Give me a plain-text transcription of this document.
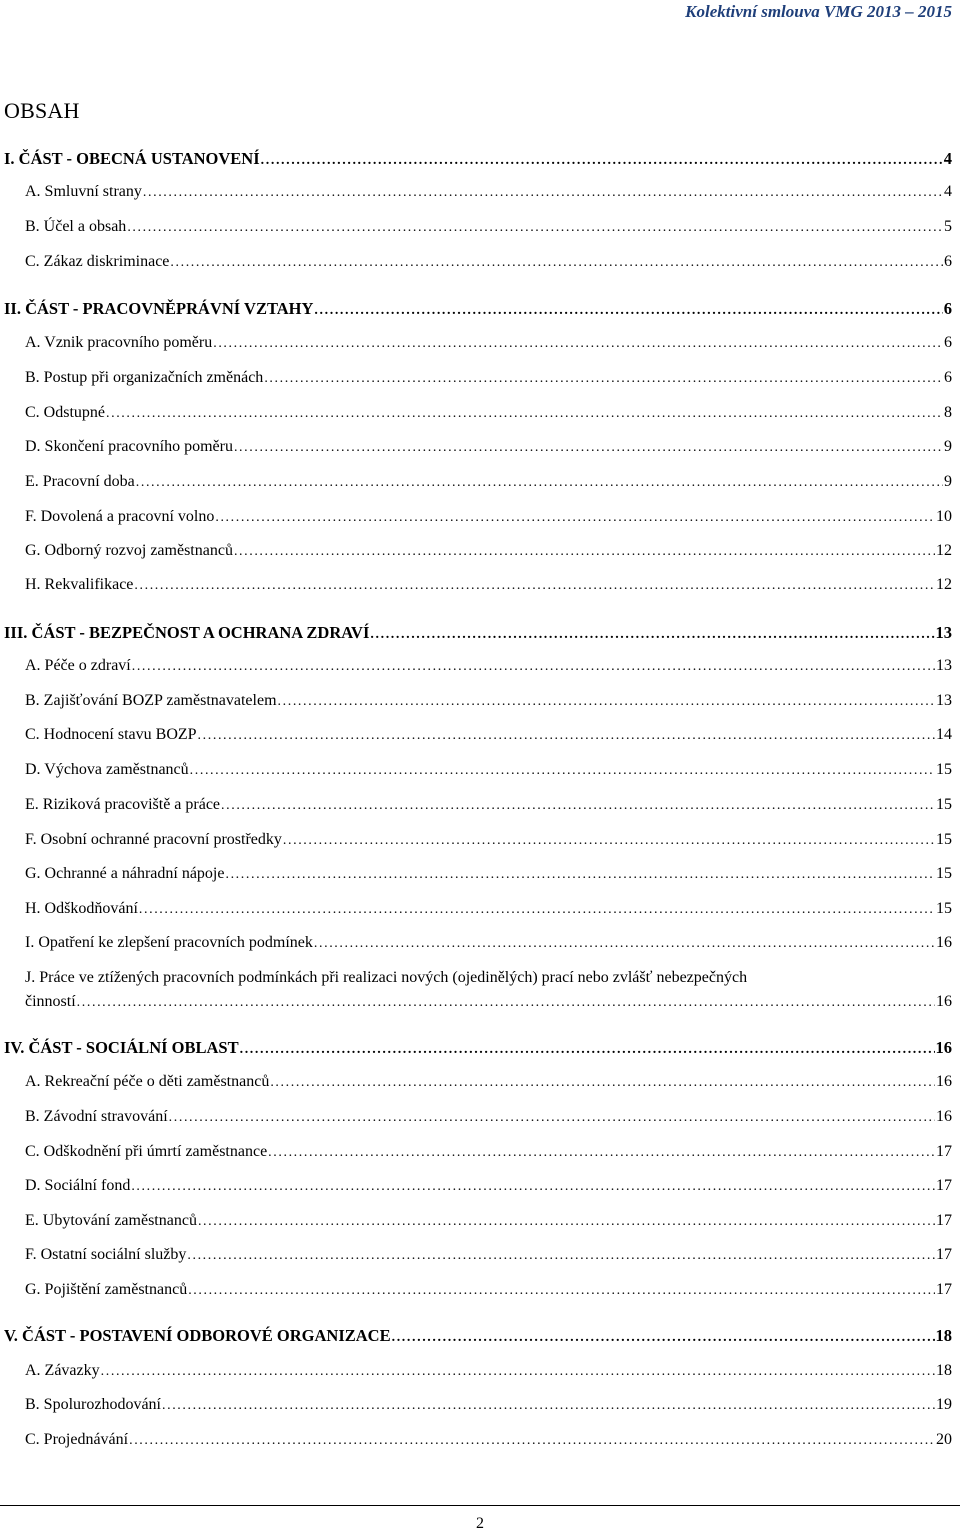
Kolektivní smlouva VMG 2013 – 2015
OBSAH
I. ČÁST - OBECNÁ USTANOVENÍ .....	4
A. Smluvní strany .....	4
B. Účel a obsah .....	5
C. Zákaz diskriminace .....	6
II. ČÁST - PRACOVNĚPRÁVNÍ VZTAHY .....	6
A. Vznik pracovního poměru .....	6
B. Postup při organizačních změnách .....	6
C. Odstupné .....	8
D. Skončení pracovního poměru .....	9
E. Pracovní doba .....	9
F. Dovolená a pracovní volno .....	10
G. Odborný rozvoj zaměstnanců .....	12
H. Rekvalifikace .....	12
III. ČÁST - BEZPEČNOST A OCHRANA ZDRAVÍ .....	13
A. Péče o zdraví .....	13
B. Zajišťování BOZP zaměstnavatelem .....	13
C. Hodnocení stavu BOZP .....	14
D. Výchova zaměstnanců .....	15
E. Riziková pracoviště a práce .....	15
F. Osobní ochranné pracovní prostředky .....	15
G. Ochranné a náhradní nápoje .....	15
H. Odškodňování .....	15
I. Opatření ke zlepšení pracovních podmínek .....	16
J. Práce ve ztížených pracovních podmínkách při realizaci nových (ojedinělých) prací nebo zvlášť nebezpečných
činností .....	16
IV. ČÁST - SOCIÁLNÍ OBLAST .....	16
A. Rekreační péče o děti zaměstnanců .....	16
B. Závodní stravování .....	16
C. Odškodnění při úmrtí zaměstnance .....	17
D. Sociální fond .....	17
E. Ubytování zaměstnanců .....	17
F. Ostatní sociální služby .....	17
G. Pojištění zaměstnanců .....	17
V. ČÁST - POSTAVENÍ ODBOROVÉ ORGANIZACE .....	18
A. Závazky .....	18
B. Spolurozhodování .....	19
C. Projednávání .....	20
2
